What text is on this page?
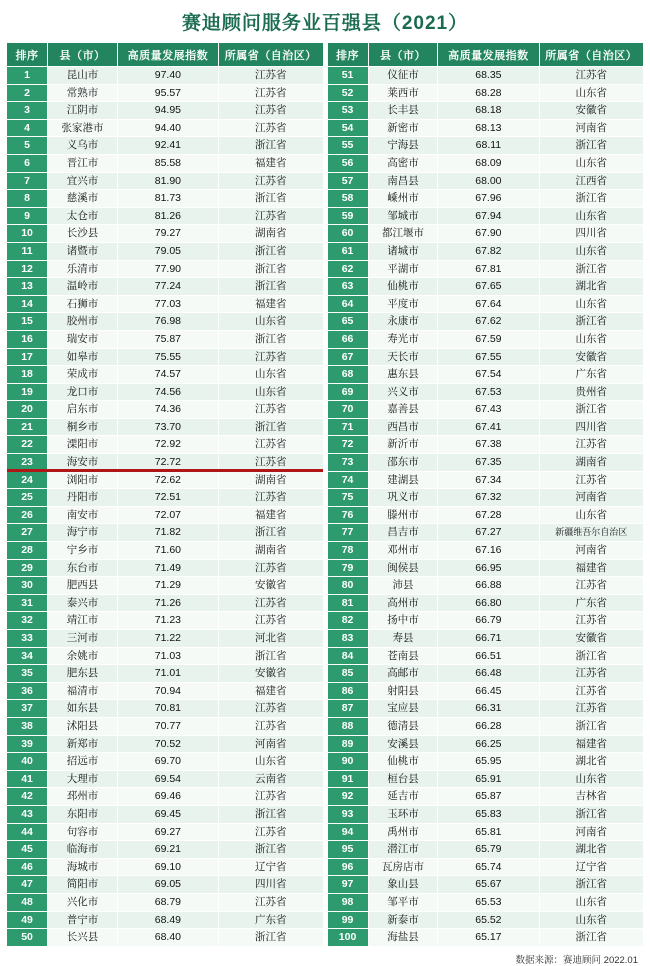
赛迪顾问服务业百强县（2021）
排序	县（市）	高质量发展指数	所属省（自治区）
1	昆山市	97.40	江苏省
2	常熟市	95.57	江苏省
3	江阴市	94.95	江苏省
4	张家港市	94.40	江苏省
5	义乌市	92.41	浙江省
6	晋江市	85.58	福建省
7	宜兴市	81.90	江苏省
8	慈溪市	81.73	浙江省
9	太仓市	81.26	江苏省
10	长沙县	79.27	湖南省
11	诸暨市	79.05	浙江省
12	乐清市	77.90	浙江省
13	温岭市	77.24	浙江省
14	石狮市	77.03	福建省
15	胶州市	76.98	山东省
16	瑞安市	75.87	浙江省
17	如皋市	75.55	江苏省
18	荣成市	74.57	山东省
19	龙口市	74.56	山东省
20	启东市	74.36	江苏省
21	桐乡市	73.70	浙江省
22	溧阳市	72.92	江苏省
23	海安市	72.72	江苏省
24	浏阳市	72.62	湖南省
25	丹阳市	72.51	江苏省
26	南安市	72.07	福建省
27	海宁市	71.82	浙江省
28	宁乡市	71.60	湖南省
29	东台市	71.49	江苏省
30	肥西县	71.29	安徽省
31	泰兴市	71.26	江苏省
32	靖江市	71.23	江苏省
33	三河市	71.22	河北省
34	余姚市	71.03	浙江省
35	肥东县	71.01	安徽省
36	福清市	70.94	福建省
37	如东县	70.81	江苏省
38	沭阳县	70.77	江苏省
39	新郑市	70.52	河南省
40	招远市	69.70	山东省
41	大理市	69.54	云南省
42	邳州市	69.46	江苏省
43	东阳市	69.45	浙江省
44	句容市	69.27	江苏省
45	临海市	69.21	浙江省
46	海城市	69.10	辽宁省
47	简阳市	69.05	四川省
48	兴化市	68.79	江苏省
49	普宁市	68.49	广东省
50	长兴县	68.40	浙江省
排序	县（市）	高质量发展指数	所属省（自治区）
51	仪征市	68.35	江苏省
52	莱西市	68.28	山东省
53	长丰县	68.18	安徽省
54	新密市	68.13	河南省
55	宁海县	68.11	浙江省
56	高密市	68.09	山东省
57	南昌县	68.00	江西省
58	嵊州市	67.96	浙江省
59	邹城市	67.94	山东省
60	都江堰市	67.90	四川省
61	诸城市	67.82	山东省
62	平湖市	67.81	浙江省
63	仙桃市	67.65	湖北省
64	平度市	67.64	山东省
65	永康市	67.62	浙江省
66	寿光市	67.59	山东省
67	天长市	67.55	安徽省
68	惠东县	67.54	广东省
69	兴义市	67.53	贵州省
70	嘉善县	67.43	浙江省
71	西昌市	67.41	四川省
72	新沂市	67.38	江苏省
73	邵东市	67.35	湖南省
74	建湖县	67.34	江苏省
75	巩义市	67.32	河南省
76	滕州市	67.28	山东省
77	昌吉市	67.27	新疆维吾尔自治区
78	邓州市	67.16	河南省
79	闽侯县	66.95	福建省
80	沛县	66.88	江苏省
81	高州市	66.80	广东省
82	扬中市	66.79	江苏省
83	寿县	66.71	安徽省
84	苍南县	66.51	浙江省
85	高邮市	66.48	江苏省
86	射阳县	66.45	江苏省
87	宝应县	66.31	江苏省
88	德清县	66.28	浙江省
89	安溪县	66.25	福建省
90	仙桃市	65.95	湖北省
91	桓台县	65.91	山东省
92	延吉市	65.87	吉林省
93	玉环市	65.83	浙江省
94	禹州市	65.81	河南省
95	潜江市	65.79	湖北省
96	瓦房店市	65.74	辽宁省
97	象山县	65.67	浙江省
98	邹平市	65.53	山东省
99	新泰市	65.52	山东省
100	海盐县	65.17	浙江省
数据来源：赛迪顾问 2022.01
